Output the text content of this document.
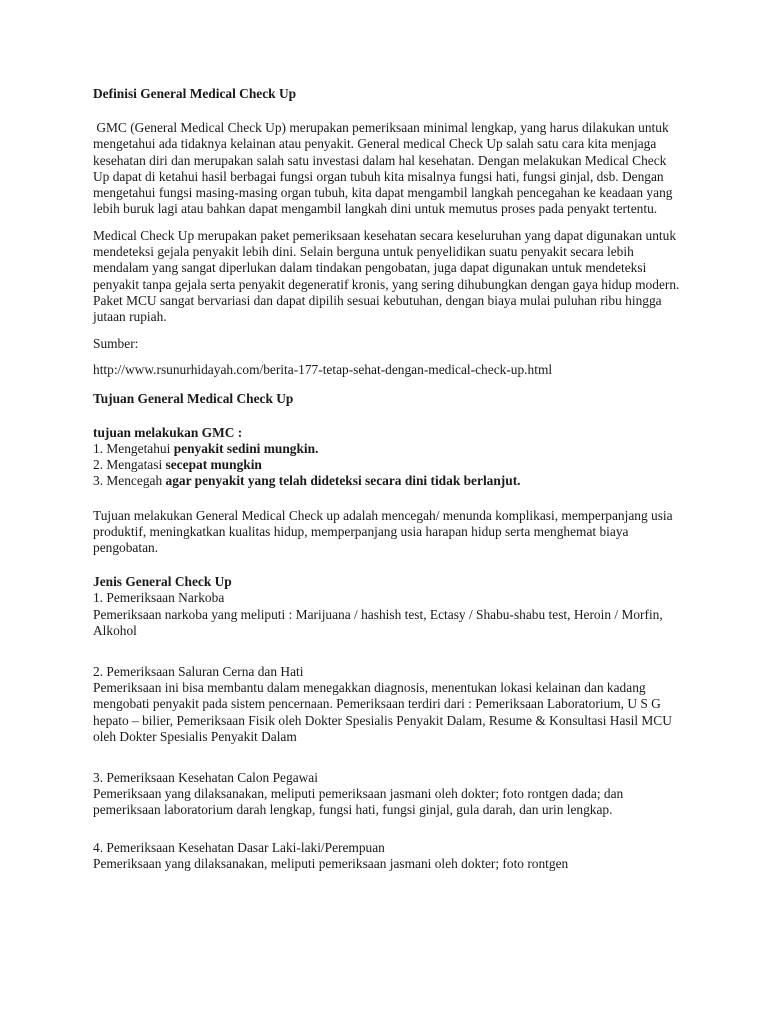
Definisi General Medical Check Up

GMC (General Medical Check Up) merupakan pemeriksaan minimal lengkap, yang harus dilakukan untuk mengetahui ada tidaknya kelainan atau penyakit. General medical Check Up salah satu cara kita menjaga kesehatan diri dan merupakan salah satu investasi dalam hal kesehatan. Dengan melakukan Medical Check Up dapat di ketahui hasil berbagai fungsi organ tubuh kita misalnya fungsi hati, fungsi ginjal, dsb. Dengan mengetahui fungsi masing-masing organ tubuh, kita dapat mengambil langkah pencegahan ke keadaan yang lebih buruk lagi atau bahkan dapat mengambil langkah dini untuk memutus proses pada penyakt tertentu.

Medical Check Up merupakan paket pemeriksaan kesehatan secara keseluruhan yang dapat digunakan untuk mendeteksi gejala penyakit lebih dini. Selain berguna untuk penyelidikan suatu penyakit secara lebih mendalam yang sangat diperlukan dalam tindakan pengobatan, juga dapat digunakan untuk mendeteksi penyakit tanpa gejala serta penyakit degeneratif kronis, yang sering dihubungkan dengan gaya hidup modern. Paket MCU sangat bervariasi dan dapat dipilih sesuai kebutuhan, dengan biaya mulai puluhan ribu hingga jutaan rupiah.

Sumber:

http://www.rsunurhidayah.com/berita-177-tetap-sehat-dengan-medical-check-up.html

Tujuan General Medical Check Up

tujuan melakukan GMC :

1. Mengetahui penyakit sedini mungkin.

2. Mengatasi secepat mungkin

3. Mencegah agar penyakit yang telah dideteksi secara dini tidak berlanjut.

Tujuan melakukan General Medical Check up adalah mencegah/ menunda komplikasi, memperpanjang usia produktif, meningkatkan kualitas hidup, memperpanjang usia harapan hidup serta menghemat biaya pengobatan.

Jenis General Check Up

1. Pemeriksaan Narkoba

Pemeriksaan narkoba yang meliputi : Marijuana / hashish test, Ectasy / Shabu-shabu test, Heroin / Morfin, Alkohol

2. Pemeriksaan Saluran Cerna dan Hati

Pemeriksaan ini bisa membantu dalam menegakkan diagnosis, menentukan lokasi kelainan dan kadang mengobati penyakit pada sistem pencernaan. Pemeriksaan terdiri dari : Pemeriksaan Laboratorium, U S G hepato – bilier, Pemeriksaan Fisik oleh Dokter Spesialis Penyakit Dalam, Resume & Konsultasi Hasil MCU oleh Dokter Spesialis Penyakit Dalam

3. Pemeriksaan Kesehatan Calon Pegawai

Pemeriksaan yang dilaksanakan, meliputi pemeriksaan jasmani oleh dokter; foto rontgen dada; dan pemeriksaan laboratorium darah lengkap, fungsi hati, fungsi ginjal, gula darah, dan urin lengkap.

4. Pemeriksaan Kesehatan Dasar Laki-laki/Perempuan

Pemeriksaan yang dilaksanakan, meliputi pemeriksaan jasmani oleh dokter; foto rontgen
